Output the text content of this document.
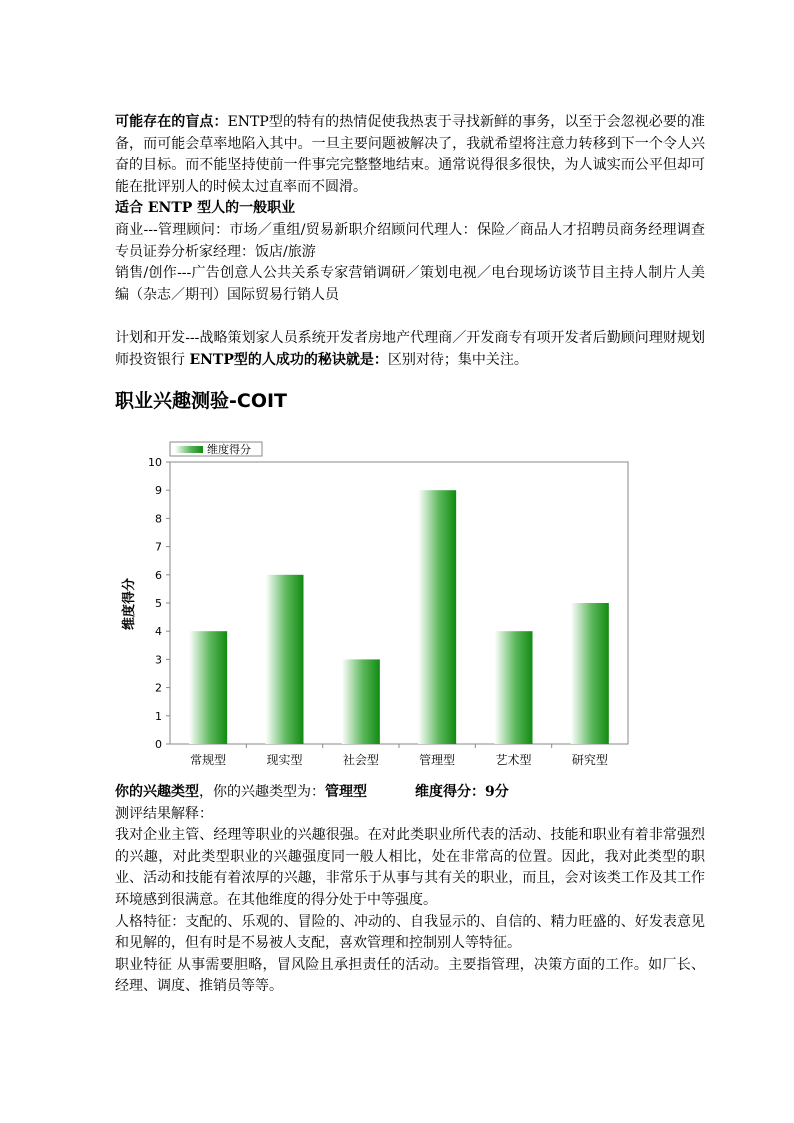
可能存在的盲点：ENTP型的特有的热情促使我热衷于寻找新鲜的事务，以至于会忽视必要的准备，而可能会草率地陷入其中。一旦主要问题被解决了，我就希望将注意力转移到下一个令人兴奋的目标。而不能坚持使前一件事完完整整地结束。通常说得很多很快，为人诚实而公平但却可能在批评别人的时候太过直率而不圆滑。

适合 ENTP 型人的一般职业

商业---管理顾问：市场／重组/贸易新职介绍顾问代理人：保险／商品人才招聘员商务经理调查专员证券分析家经理：饭店/旅游

销售/创作---广告创意人公共关系专家营销调研／策划电视／电台现场访谈节目主持人制片人美编（杂志／期刊）国际贸易行销人员

计划和开发---战略策划家人员系统开发者房地产代理商／开发商专有项开发者后勤顾问理财规划师投资银行 ENTP型的人成功的秘诀就是：区别对待；集中关注。

职业兴趣测验-COIT
维度得分
维度得分
0
1
2
3
4
5
6
7
8
9
10
常规型	现实型	社会型	管理型	艺术型	研究型

你的兴趣类型，你的兴趣类型为：管理型	维度得分：9分

测评结果解释：

我对企业主管、经理等职业的兴趣很强。在对此类职业所代表的活动、技能和职业有着非常强烈的兴趣，对此类型职业的兴趣强度同一般人相比，处在非常高的位置。因此，我对此类型的职业、活动和技能有着浓厚的兴趣，非常乐于从事与其有关的职业，而且，会对该类工作及其工作环境感到很满意。在其他维度的得分处于中等强度。

人格特征：支配的、乐观的、冒险的、冲动的、自我显示的、自信的、精力旺盛的、好发表意见和见解的，但有时是不易被人支配，喜欢管理和控制别人等特征。

职业特征 从事需要胆略，冒风险且承担责任的活动。主要指管理，决策方面的工作。如厂长、经理、调度、推销员等等。
